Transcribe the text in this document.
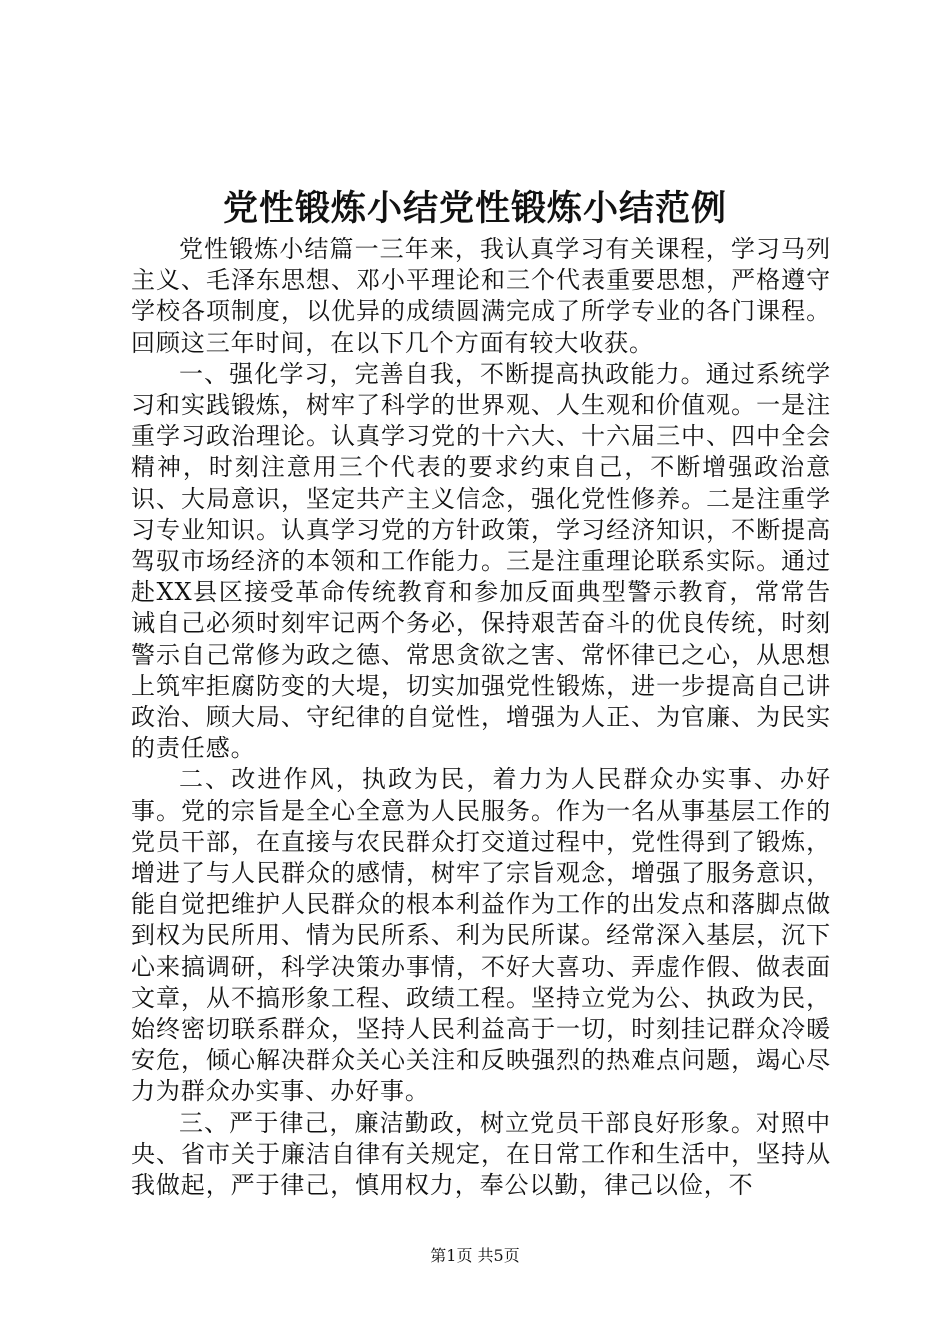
党性锻炼小结党性锻炼小结范例

党性锻炼小结篇一三年来，我认真学习有关课程，学习马列主义、毛泽东思想、邓小平理论和三个代表重要思想，严格遵守学校各项制度，以优异的成绩圆满完成了所学专业的各门课程。回顾这三年时间，在以下几个方面有较大收获。

一、强化学习，完善自我，不断提高执政能力。通过系统学习和实践锻炼，树牢了科学的世界观、人生观和价值观。一是注重学习政治理论。认真学习党的十六大、十六届三中、四中全会精神，时刻注意用三个代表的要求约束自己，不断增强政治意识、大局意识，坚定共产主义信念，强化党性修养。二是注重学习专业知识。认真学习党的方针政策，学习经济知识，不断提高驾驭市场经济的本领和工作能力。三是注重理论联系实际。通过赴XX县区接受革命传统教育和参加反面典型警示教育，常常告诫自己必须时刻牢记两个务必，保持艰苦奋斗的优良传统，时刻警示自己常修为政之德、常思贪欲之害、常怀律已之心，从思想上筑牢拒腐防变的大堤，切实加强党性锻炼，进一步提高自己讲政治、顾大局、守纪律的自觉性，增强为人正、为官廉、为民实的责任感。

二、改进作风，执政为民，着力为人民群众办实事、办好事。党的宗旨是全心全意为人民服务。作为一名从事基层工作的党员干部，在直接与农民群众打交道过程中，党性得到了锻炼，增进了与人民群众的感情，树牢了宗旨观念，增强了服务意识，能自觉把维护人民群众的根本利益作为工作的出发点和落脚点做到权为民所用、情为民所系、利为民所谋。经常深入基层，沉下心来搞调研，科学决策办事情，不好大喜功、弄虚作假、做表面文章，从不搞形象工程、政绩工程。坚持立党为公、执政为民，始终密切联系群众，坚持人民利益高于一切，时刻挂记群众冷暖安危，倾心解决群众关心关注和反映强烈的热难点问题，竭心尽力为群众办实事、办好事。

三、严于律己，廉洁勤政，树立党员干部良好形象。对照中央、省市关于廉洁自律有关规定，在日常工作和生活中，坚持从我做起，严于律己，慎用权力，奉公以勤，律己以俭，不

第1页 共5页
